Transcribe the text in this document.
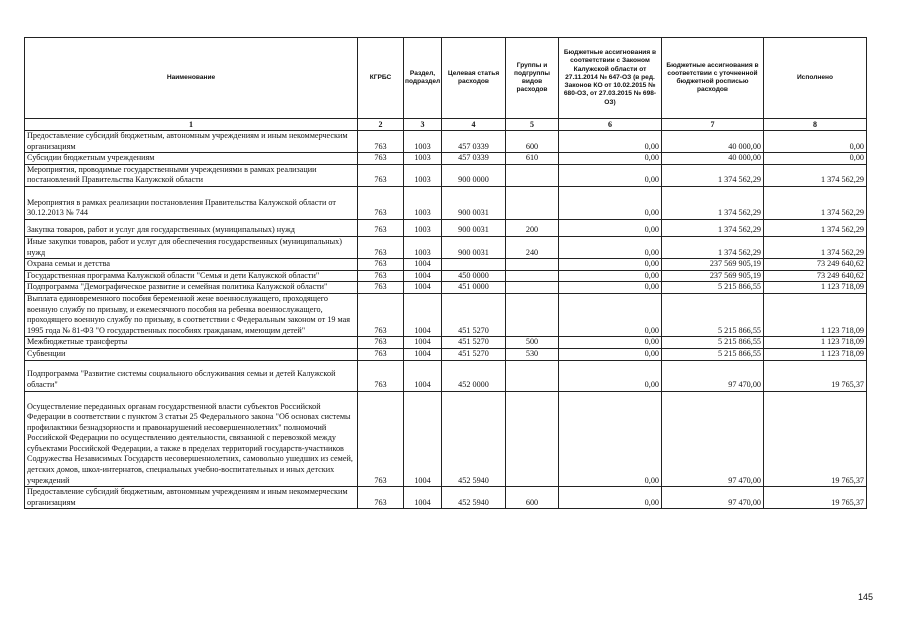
Наименование	КГРБС	Раздел, подраздел	Целевая статья расходов	Группы и подгруппы видов расходов	Бюджетные ассигнования в соответствии с Законом Калужской области от 27.11.2014 № 647-ОЗ (в ред. Законов КО от 10.02.2015 № 680-ОЗ, от 27.03.2015 № 698-ОЗ)	Бюджетные ассигнования в соответствии с уточненной бюджетной росписью расходов	Исполнено
1	2	3	4	5	6	7	8
Предоставление субсидий бюджетным, автономным учреждениям и иным некоммерческим организациям	763	1003	457 0339	600	0,00	40 000,00	0,00
Субсидии бюджетным учреждениям	763	1003	457 0339	610	0,00	40 000,00	0,00
Мероприятия, проводимые государственными учреждениями в рамках реализации постановлений Правительства Калужской области	763	1003	900 0000		0,00	1 374 562,29	1 374 562,29
Мероприятия в рамках реализации постановления Правительства Калужской области от 30.12.2013 № 744	763	1003	900 0031		0,00	1 374 562,29	1 374 562,29
Закупка товаров, работ и услуг для государственных (муниципальных) нужд	763	1003	900 0031	200	0,00	1 374 562,29	1 374 562,29
Иные закупки товаров, работ и услуг для обеспечения государственных (муниципальных) нужд	763	1003	900 0031	240	0,00	1 374 562,29	1 374 562,29
Охрана семьи и детства	763	1004			0,00	237 569 905,19	73 249 640,62
Государственная программа Калужской области "Семья и дети Калужской области"	763	1004	450 0000		0,00	237 569 905,19	73 249 640,62
Подпрограмма "Демографическое развитие и семейная политика Калужской области"	763	1004	451 0000		0,00	5 215 866,55	1 123 718,09
Выплата единовременного пособия беременной жене военнослужащего, проходящего военную службу по призыву, и ежемесячного пособия на ребенка военнослужащего, проходящего военную службу по призыву, в соответствии с Федеральным законом от 19 мая 1995 года № 81-ФЗ "О государственных пособиях гражданам, имеющим детей"	763	1004	451 5270		0,00	5 215 866,55	1 123 718,09
Межбюджетные трансферты	763	1004	451 5270	500	0,00	5 215 866,55	1 123 718,09
Субвенции	763	1004	451 5270	530	0,00	5 215 866,55	1 123 718,09
Подпрограмма "Развитие системы социального обслуживания семьи и детей Калужской области"	763	1004	452 0000		0,00	97 470,00	19 765,37
Осуществление переданных органам государственной власти субъектов Российской Федерации в соответствии с пунктом 3 статьи 25 Федерального закона "Об основах системы профилактики безнадзорности и правонарушений несовершеннолетних" полномочий Российской Федерации по осуществлению деятельности, связанной с перевозкой между субъектами Российской Федерации, а также в пределах территорий государств-участников Содружества Независимых Государств несовершеннолетних, самовольно ушедших из семей, детских домов, школ-интернатов, специальных учебно-воспитательных и иных детских учреждений	763	1004	452 5940		0,00	97 470,00	19 765,37
Предоставление субсидий бюджетным, автономным учреждениям и иным некоммерческим организациям	763	1004	452 5940	600	0,00	97 470,00	19 765,37
145
